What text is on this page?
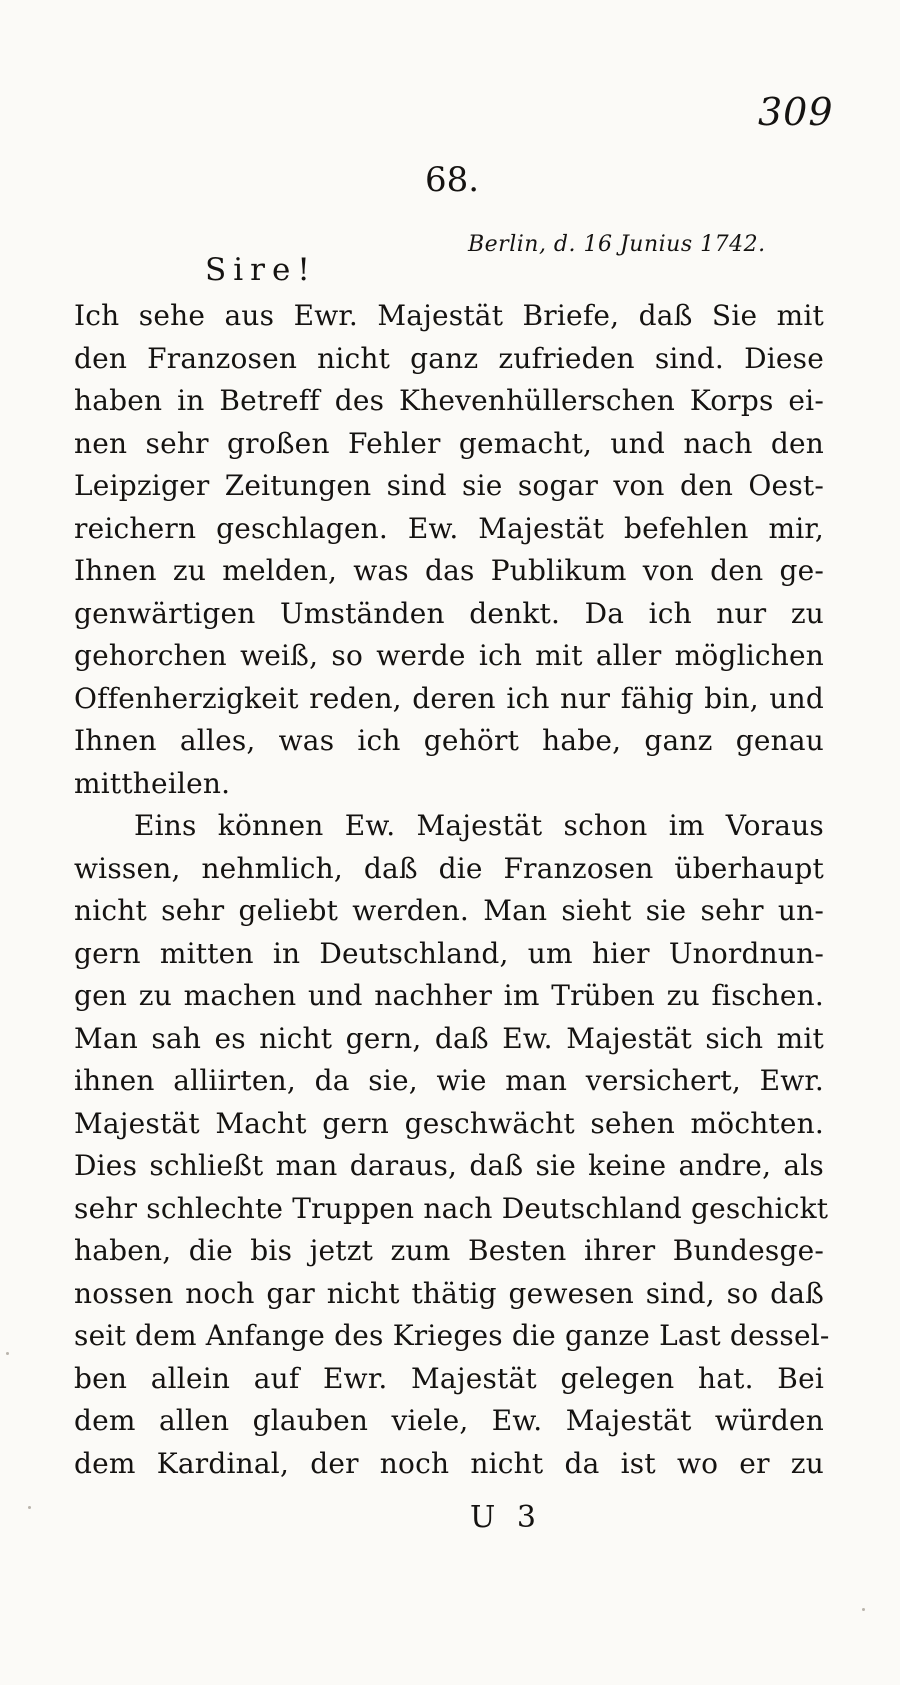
309
68.
Berlin, d. 16 Junius 1742.
Sire!
Ich sehe aus Ewr. Majestät Briefe, daß Sie mit
den Franzosen nicht ganz zufrieden sind. Diese
haben in Betreff des Khevenhüllerschen Korps ei-
nen sehr großen Fehler gemacht, und nach den
Leipziger Zeitungen sind sie sogar von den Oest-
reichern geschlagen. Ew. Majestät befehlen mir,
Ihnen zu melden, was das Publikum von den ge-
genwärtigen Umständen denkt. Da ich nur zu
gehorchen weiß, so werde ich mit aller möglichen
Offenherzigkeit reden, deren ich nur fähig bin, und
Ihnen alles, was ich gehört habe, ganz genau
mittheilen.
Eins können Ew. Majestät schon im Voraus
wissen, nehmlich, daß die Franzosen überhaupt
nicht sehr geliebt werden. Man sieht sie sehr un-
gern mitten in Deutschland, um hier Unordnun-
gen zu machen und nachher im Trüben zu fischen.
Man sah es nicht gern, daß Ew. Majestät sich mit
ihnen alliirten, da sie, wie man versichert, Ewr.
Majestät Macht gern geschwächt sehen möchten.
Dies schließt man daraus, daß sie keine andre, als
sehr schlechte Truppen nach Deutschland geschickt
haben, die bis jetzt zum Besten ihrer Bundesge-
nossen noch gar nicht thätig gewesen sind, so daß
seit dem Anfange des Krieges die ganze Last dessel-
ben allein auf Ewr. Majestät gelegen hat. Bei
dem allen glauben viele, Ew. Majestät würden
dem Kardinal, der noch nicht da ist wo er zu
U 3
